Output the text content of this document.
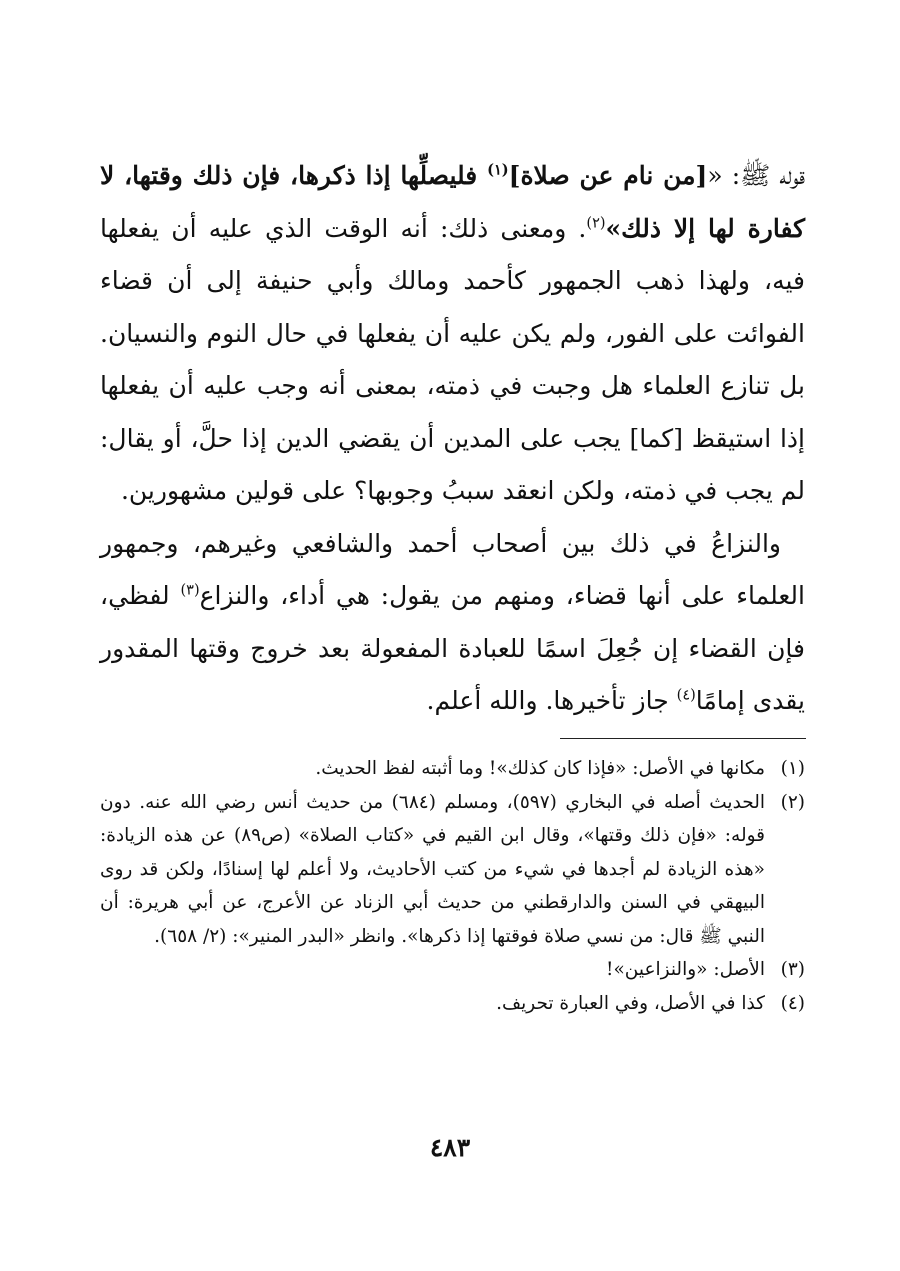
قوله ﷺ: «[من نام عن صلاة]$^{(١)}$ فليصلِّها إذا ذكرها، فإن ذلك وقتها، لا كفارة لها إلا ذلك»$^{(٢)}$. ومعنى ذلك: أنه الوقت الذي عليه أن يفعلها فيه، ولهذا ذهب الجمهور كأحمد ومالك وأبي حنيفة إلى أن قضاء الفوائت على الفور، ولم يكن عليه أن يفعلها في حال النوم والنسيان. بل تنازع العلماء هل وجبت في ذمته، بمعنى أنه وجب عليه أن يفعلها إذا استيقظ [كما] يجب على المدين أن يقضي الدين إذا حلَّ، أو يقال: لم يجب في ذمته، ولكن انعقد سببُ وجوبها؟ على قولين مشهورين.

والنزاعُ في ذلك بين أصحاب أحمد والشافعي وغيرهم، وجمهور العلماء على أنها قضاء، ومنهم من يقول: هي أداء، والنزاع$^{(٣)}$ لفظي، فإن القضاء إن جُعِلَ اسمًا للعبادة المفعولة بعد خروج وقتها المقدور يقدى إمامًا$^{(٤)}$ جاز تأخيرها. والله أعلم.

(١)
مكانها في الأصل: «فإذا كان كذلك»! وما أثبته لفظ الحديث.
(٢)
الحديث أصله في البخاري (٥٩٧)، ومسلم (٦٨٤) من حديث أنس رضي الله عنه. دون قوله: «فإن ذلك وقتها»، وقال ابن القيم في «كتاب الصلاة» (ص٨٩) عن هذه الزيادة: «هذه الزيادة لم أجدها في شيء من كتب الأحاديث، ولا أعلم لها إسنادًا، ولكن قد روى البيهقي في السنن والدارقطني من حديث أبي الزناد عن الأعرج، عن أبي هريرة: أن النبي ﷺ قال: من نسي صلاة فوقتها إذا ذكرها». وانظر «البدر المنير»: (٢/ ٦٥٨).
(٣)
الأصل: «والنزاعين»!
(٤)
كذا في الأصل، وفي العبارة تحريف.
٤٨٣
